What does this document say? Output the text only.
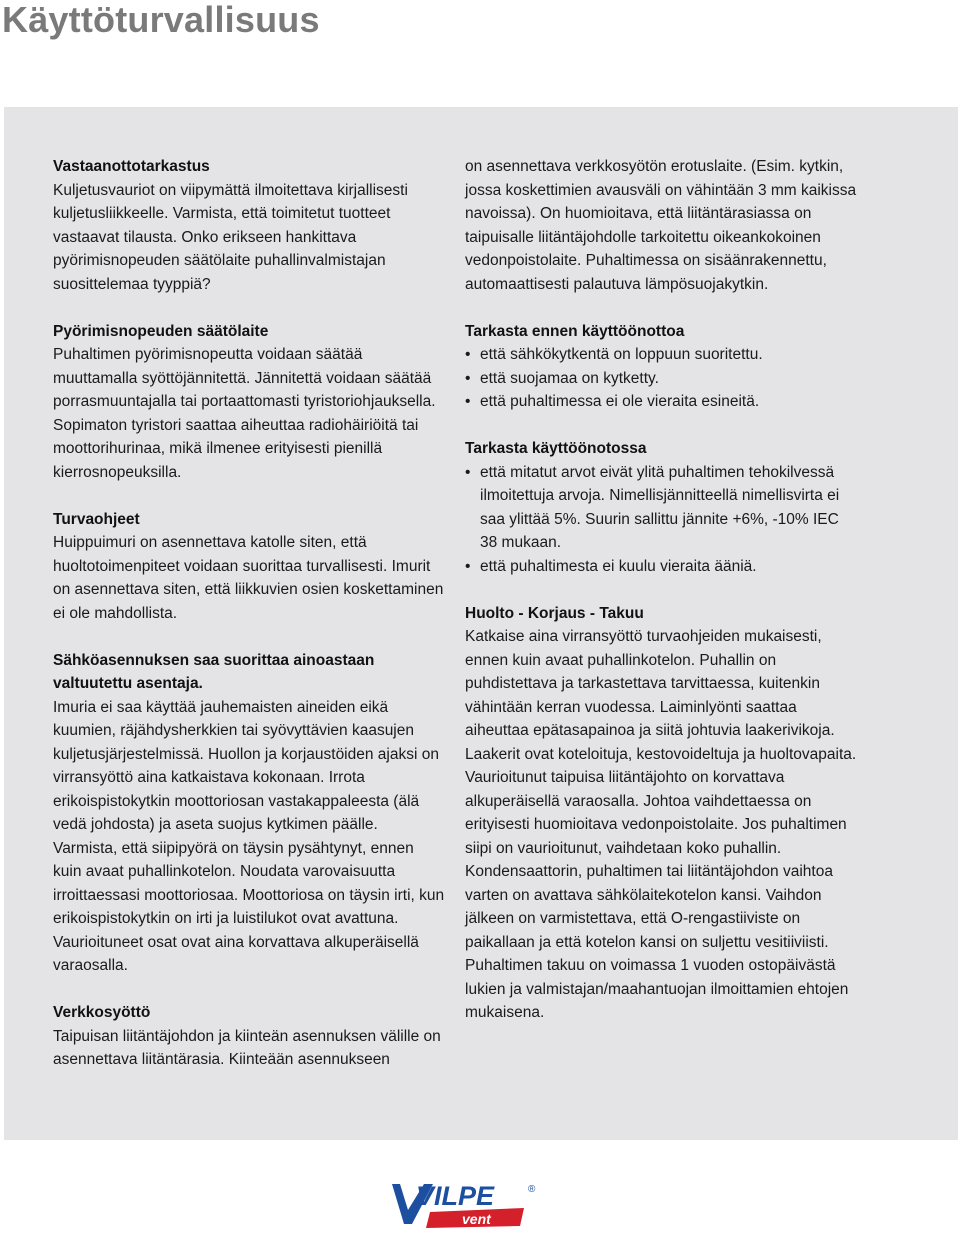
Käyttöturvallisuus

Vastaanottotarkastus

Kuljetusvauriot on viipymättä ilmoitettava kirjallisesti kuljetusliikkeelle. Varmista, että toimitetut tuotteet vastaavat tilausta. Onko erikseen hankittava pyörimisnopeuden säätölaite puhallinvalmistajan suosittelemaa tyyppiä?

Pyörimisnopeuden säätölaite

Puhaltimen pyörimisnopeutta voidaan säätää muuttamalla syöttöjännitettä. Jännitettä voidaan säätää porrasmuuntajalla tai portaattomasti tyristoriohjauksella. Sopimaton tyristori saattaa aiheuttaa radiohäiriöitä tai moottorihurinaa, mikä ilmenee erityisesti pienillä kierrosnopeuksilla.

Turvaohjeet

Huippuimuri on asennettava katolle siten, että huoltotoimenpiteet voidaan suorittaa turvallisesti. Imurit on asennettava siten, että liikkuvien osien koskettaminen ei ole mahdollista.

Sähköasennuksen saa suorittaa ainoastaan valtuutettu asentaja.

Imuria ei saa käyttää jauhemaisten aineiden eikä kuumien, räjähdysherkkien tai syövyttävien kaasujen kuljetusjärjestelmissä. Huollon ja korjaustöiden ajaksi on virransyöttö aina katkaistava kokonaan. Irrota erikoispistokytkin moottoriosan vastakappaleesta (älä vedä johdosta) ja aseta suojus kytkimen päälle. Varmista, että siipipyörä on täysin pysähtynyt, ennen kuin avaat puhallinkotelon. Noudata varovaisuutta irroittaessasi moottoriosaa. Moottoriosa on täysin irti, kun erikoispistokytkin on irti ja luistilukot ovat avattuna. Vaurioituneet osat ovat aina korvattava alkuperäisellä varaosalla.

Verkkosyöttö

Taipuisan liitäntäjohdon ja kiinteän asennuksen välille on asennettava liitäntärasia. Kiinteään asennukseen

on asennettava verkkosyötön erotuslaite. (Esim. kytkin, jossa koskettimien avausväli on vähintään 3 mm kaikissa navoissa). On huomioitava, että liitäntärasiassa on taipuisalle liitäntäjohdolle tarkoitettu oikeankokoinen vedonpoistolaite. Puhaltimessa on sisäänrakennettu, automaattisesti palautuva lämpösuojakytkin.

Tarkasta ennen käyttöönottoa

• että sähkökytkentä on loppuun suoritettu.
• että suojamaa on kytketty.
• että puhaltimessa ei ole vieraita esineitä.

Tarkasta käyttöönotossa

• että mitatut arvot eivät ylitä puhaltimen tehokilvessä ilmoitettuja arvoja. Nimellisjännitteellä nimellisvirta ei saa ylittää 5%. Suurin sallittu jännite +6%, -10% IEC 38 mukaan.
• että puhaltimesta ei kuulu vieraita ääniä.

Huolto - Korjaus - Takuu

Katkaise aina virransyöttö turvaohjeiden mukaisesti, ennen kuin avaat puhallinkotelon. Puhallin on puhdistettava ja tarkastettava tarvittaessa, kuitenkin vähintään kerran vuodessa. Laiminlyönti saattaa aiheuttaa epätasapainoa ja siitä johtuvia laakerivikoja. Laakerit ovat koteloituja, kestovoideltuja ja huoltovapaita. Vaurioitunut taipuisa liitäntäjohto on korvattava alkuperäisellä varaosalla. Johtoa vaihdettaessa on erityisesti huomioitava vedonpoistolaite. Jos puhaltimen siipi on vaurioitunut, vaihdetaan koko puhallin. Kondensaattorin, puhaltimen tai liitäntäjohdon vaihtoa varten on avattava sähkölaitekotelon kansi. Vaihdon jälkeen on varmistettava, että O-rengastiiviste on paikallaan ja että kotelon kansi on suljettu vesitiiviisti. Puhaltimen takuu on voimassa 1 vuoden ostopäivästä lukien ja valmistajan/maahantuojan ilmoittamien ehtojen mukaisena.

VILPE
vent
®
